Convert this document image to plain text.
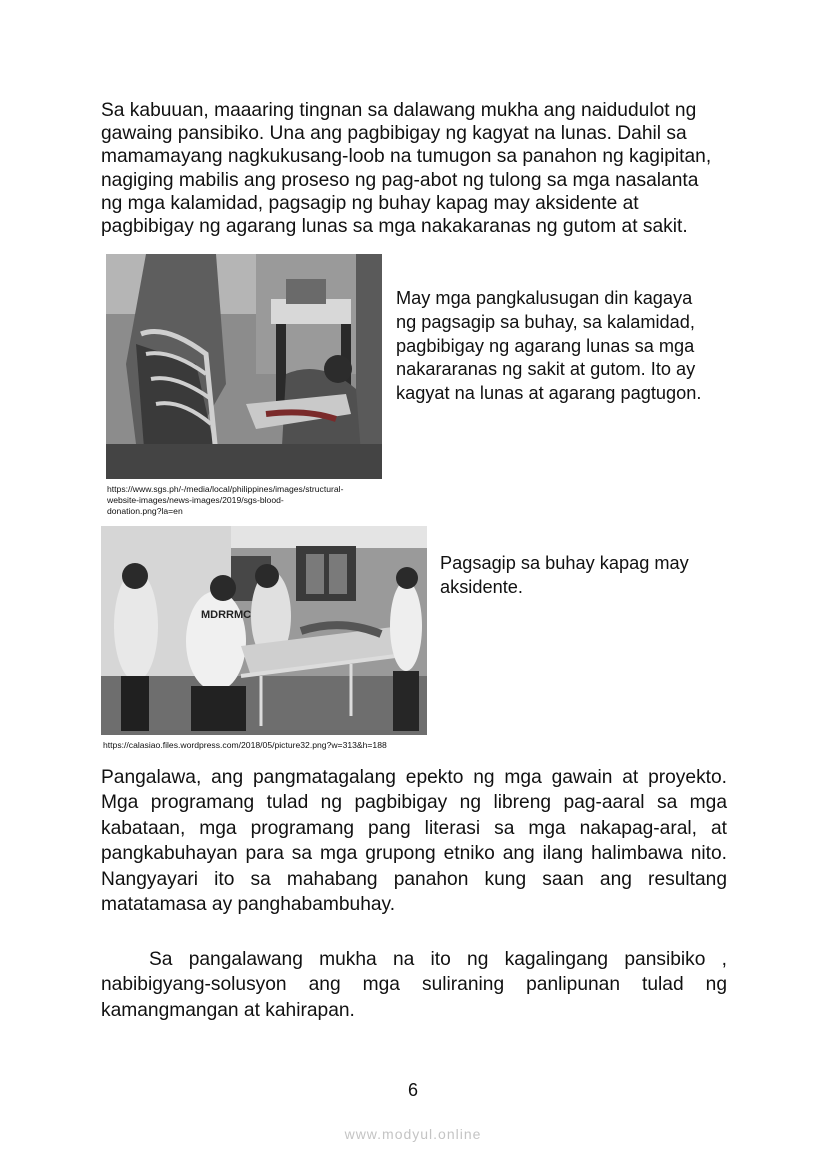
Sa kabuuan, maaaring tingnan sa dalawang mukha ang naidudulot ng
gawaing pansibiko. Una ang pagbibigay ng kagyat na lunas. Dahil sa
mamamayang nagkukusang-loob na tumugon sa panahon ng kagipitan,
nagiging mabilis ang proseso ng pag-abot ng tulong sa mga nasalanta
ng mga kalamidad, pagsagip ng buhay kapag may aksidente at
pagbibigay ng agarang lunas sa mga nakakaranas ng gutom at sakit.
https://www.sgs.ph/-/media/local/philippines/images/structural-
website-images/news-images/2019/sgs-blood-
donation.png?la=en
May mga pangkalusugan din kagaya
ng pagsagip sa buhay, sa kalamidad,
pagbibigay ng agarang lunas sa mga
nakararanas ng sakit at gutom. Ito ay
kagyat na lunas at agarang pagtugon.
MDRRMC
https://calasiao.files.wordpress.com/2018/05/picture32.png?w=313&h=188
Pagsagip sa buhay kapag may
aksidente.
Pangalawa, ang pangmatagalang epekto ng mga gawain at proyekto.
Mga programang tulad ng pagbibigay ng libreng pag-aaral sa mga
kabataan, mga programang pang literasi sa mga nakapag-aral, at
pangkabuhayan para sa mga grupong etniko ang ilang halimbawa nito.
Nangyayari ito sa mahabang panahon kung saan ang resultang
matatamasa ay panghabambuhay.
Sa pangalawang mukha na ito ng kagalingang pansibiko ,
nabibigyang-solusyon ang mga suliraning panlipunan tulad ng
kamangmangan at kahirapan.
6
www.modyul.online
